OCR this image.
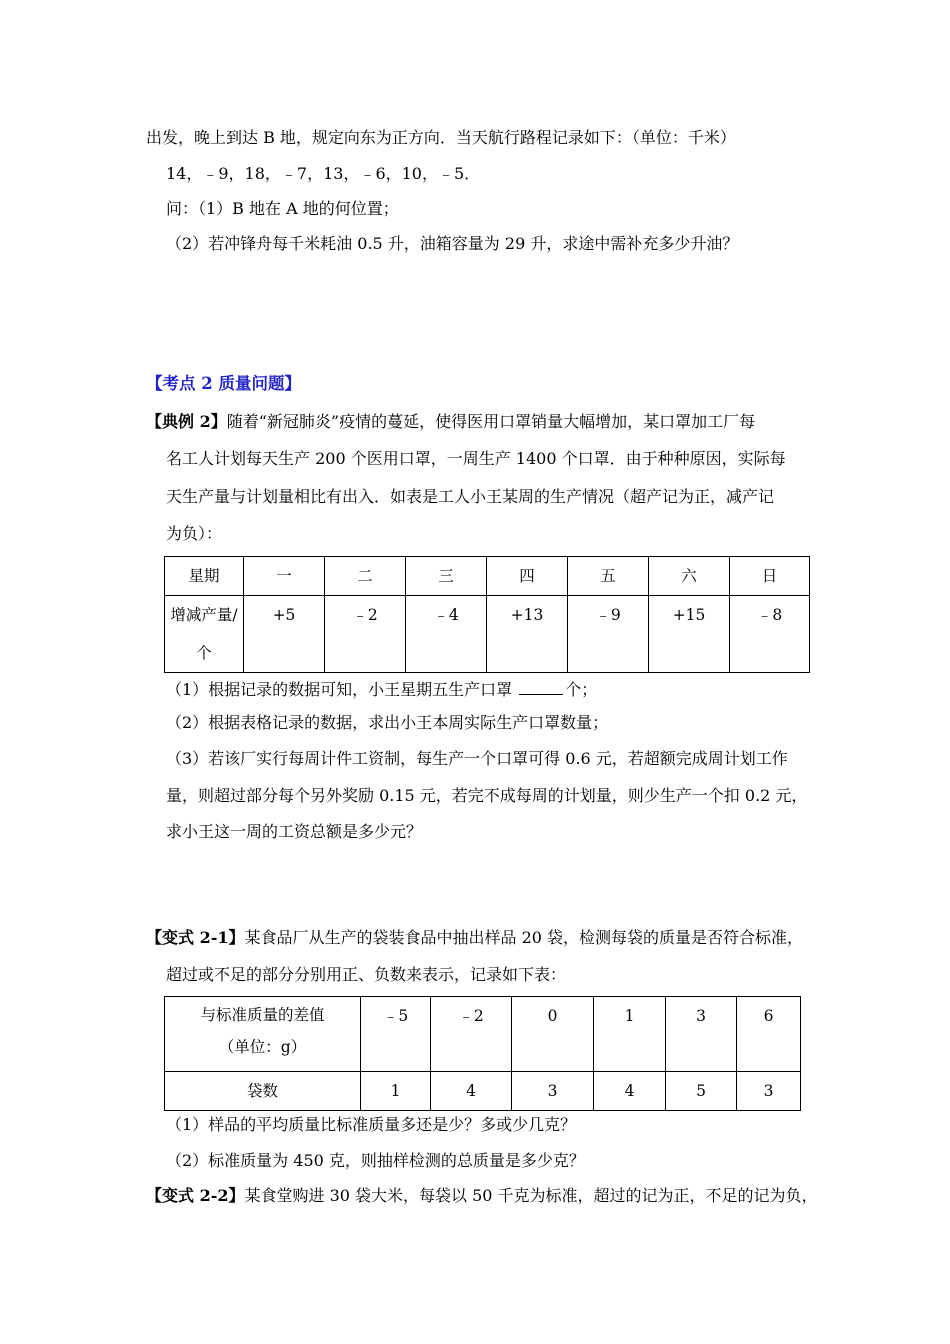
出发，晚上到达 B 地，规定向东为正方向．当天航行路程记录如下：（单位：千米）
14，﹣9，18，﹣7，13，﹣6，10，﹣5．
问：（1）B 地在 A 地的何位置；
（2）若冲锋舟每千米耗油 0.5 升，油箱容量为 29 升，求途中需补充多少升油？
【考点 2 质量问题】
【典例 2】随着“新冠肺炎”疫情的蔓延，使得医用口罩销量大幅增加，某口罩加工厂每
名工人计划每天生产 200 个医用口罩，一周生产 1400 个口罩．由于种种原因，实际每
天生产量与计划量相比有出入．如表是工人小王某周的生产情况（超产记为正，减产记
为负）：
星期	一	二	三	四	五	六	日
增减产量/
个	+5	﹣2	﹣4	+13	﹣9	+15	﹣8
（1）根据记录的数据可知，小王星期五生产口罩	个；
（2）根据表格记录的数据，求出小王本周实际生产口罩数量；
（3）若该厂实行每周计件工资制，每生产一个口罩可得 0.6 元，若超额完成周计划工作
量，则超过部分每个另外奖励 0.15 元，若完不成每周的计划量，则少生产一个扣 0.2 元，
求小王这一周的工资总额是多少元？
【变式 2-1】某食品厂从生产的袋装食品中抽出样品 20 袋，检测每袋的质量是否符合标准，
超过或不足的部分分别用正、负数来表示，记录如下表：
与标准质量的差值
（单位：g）	﹣5	﹣2	0	1	3	6
袋数	1	4	3	4	5	3
（1）样品的平均质量比标准质量多还是少？多或少几克？
（2）标准质量为 450 克，则抽样检测的总质量是多少克？
【变式 2-2】某食堂购进 30 袋大米，每袋以 50 千克为标准，超过的记为正，不足的记为负，
